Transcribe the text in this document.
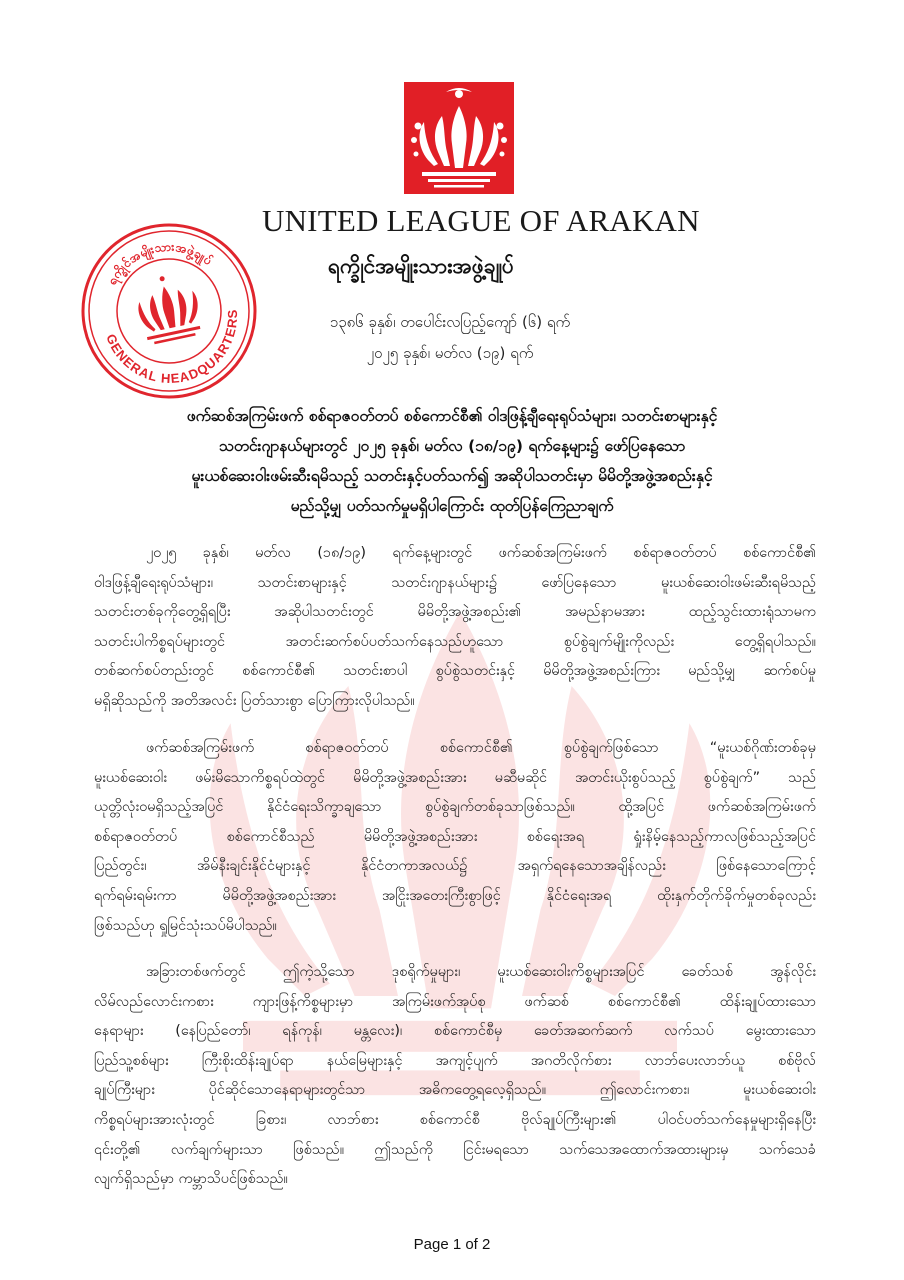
ရက္ခိုင်အမျိုးသားအဖွဲ့ချုပ်
GENERAL HEADQUARTERS
UNITED LEAGUE OF ARAKAN
ရက္ခိုင်အမျိုးသားအဖွဲ့ချုပ်
၁၃၈၆ ခုနှစ်၊ တပေါင်းလပြည့်ကျော် (၆) ရက်
၂၀၂၅ ခုနှစ်၊ မတ်လ (၁၉) ရက်
ဖက်ဆစ်အကြမ်းဖက် စစ်ရာဇဝတ်တပ် စစ်ကောင်စီ၏ ဝါဒဖြန့်ချီရေးရုပ်သံများ၊ သတင်းစာများနှင့်
သတင်းဂျာနယ်များတွင် ၂၀၂၅ ခုနှစ်၊ မတ်လ (၁၈/၁၉) ရက်နေ့များ၌ ဖော်ပြနေသော
မူးယစ်ဆေးဝါးဖမ်းဆီးရမိသည့် သတင်းနှင့်ပတ်သက်၍ အဆိုပါသတင်းမှာ မိမိတို့အဖွဲ့အစည်းနှင့်
မည်သို့မျှ ပတ်သက်မှုမရှိပါကြောင်း ထုတ်ပြန်ကြေညာချက်
၂၀၂၅ ခုနှစ်၊ မတ်လ (၁၈/၁၉) ရက်နေ့များတွင် ဖက်ဆစ်အကြမ်းဖက် စစ်ရာဇဝတ်တပ် စစ်ကောင်စီ၏
ဝါဒဖြန့်ချီရေးရုပ်သံများ၊ သတင်းစာများနှင့် သတင်းဂျာနယ်များ၌ ဖော်ပြနေသော မူးယစ်ဆေးဝါးဖမ်းဆီးရမိသည့်
သတင်းတစ်ခုကိုတွေ့ရှိရပြီး အဆိုပါသတင်းတွင် မိမိတို့အဖွဲ့အစည်း၏ အမည်နာမအား ထည့်သွင်းထားရုံသာမက
သတင်းပါကိစ္စရပ်များတွင် အတင်းဆက်စပ်ပတ်သက်နေသည်ဟူသော စွပ်စွဲချက်မျိုးကိုလည်း တွေ့ရှိရပါသည်။
တစ်ဆက်စပ်တည်းတွင် စစ်ကောင်စီ၏ သတင်းစာပါ စွပ်စွဲသတင်းနှင့် မိမိတို့အဖွဲ့အစည်းကြား မည်သို့မျှ ဆက်စပ်မှု
မရှိဆိုသည်ကို အတိအလင်း ပြတ်သားစွာ ပြောကြားလိုပါသည်။
ဖက်ဆစ်အကြမ်းဖက် စစ်ရာဇဝတ်တပ် စစ်ကောင်စီ၏ စွပ်စွဲချက်ဖြစ်သော “မူးယစ်ဂိုဏ်းတစ်ခုမှ
မူးယစ်ဆေးဝါး ဖမ်းမိသောကိစ္စရပ်ထဲတွင် မိမိတို့အဖွဲ့အစည်းအား မဆီမဆိုင် အတင်းယိုးစွပ်သည့် စွပ်စွဲချက်” သည်
ယုတ္တိလုံးဝမရှိသည့်အပြင် နိုင်ငံရေးသိက္ခာချသော စွပ်စွဲချက်တစ်ခုသာဖြစ်သည်။ ထို့အပြင် ဖက်ဆစ်အကြမ်းဖက်
စစ်ရာဇဝတ်တပ် စစ်ကောင်စီသည် မိမိတို့အဖွဲ့အစည်းအား စစ်ရေးအရ ရှုံးနိမ့်နေသည့်ကာလဖြစ်သည့်အပြင်
ပြည်တွင်း၊ အိမ်နီးချင်းနိုင်ငံများနှင့် နိုင်ငံတကာအလယ်၌ အရှက်ရနေသောအချိန်လည်း ဖြစ်နေသောကြောင့်
ရက်ရမ်းရမ်းကာ မိမိတို့အဖွဲ့အစည်းအား အငြိုးအတေးကြီးစွာဖြင့် နိုင်ငံရေးအရ ထိုးနှက်တိုက်ခိုက်မှုတစ်ခုလည်း
ဖြစ်သည်ဟု ရှုမြင်သုံးသပ်မိပါသည်။
အခြားတစ်ဖက်တွင် ဤကဲ့သို့သော ဒုစရိုက်မှုများ၊ မူးယစ်ဆေးဝါးကိစ္စများအပြင် ခေတ်သစ် အွန်လိုင်း
လိမ်လည်လောင်းကစား ကျားဖြန့်ကိစ္စများမှာ အကြမ်းဖက်အုပ်စု ဖက်ဆစ် စစ်ကောင်စီ၏ ထိန်းချုပ်ထားသော
နေရာများ (နေပြည်တော်၊ ရန်ကုန်၊ မန္တလေး)၊ စစ်ကောင်စီမှ ခေတ်အဆက်ဆက် လက်သပ် မွေးထားသော
ပြည်သူ့စစ်များ ကြီးစိုးထိန်းချုပ်ရာ နယ်မြေများနှင့် အကျင့်ပျက် အဂတိလိုက်စား လာဘ်ပေးလာဘ်ယူ စစ်ဗိုလ်
ချုပ်ကြီးများ ပိုင်ဆိုင်သောနေရာများတွင်သာ အဓိကတွေ့ရလေ့ရှိသည်။ ဤလောင်းကစား၊ မူးယစ်ဆေးဝါး
ကိစ္စရပ်များအားလုံးတွင် ခြစား၊ လာဘ်စား စစ်ကောင်စီ ဗိုလ်ချုပ်ကြီးများ၏ ပါဝင်ပတ်သက်နေမှုများရှိနေပြီး
၎င်းတို့၏ လက်ချက်များသာ ဖြစ်သည်။ ဤသည်ကို ငြင်းမရသော သက်သေအထောက်အထားများမှ သက်သေခံ
လျက်ရှိသည်မှာ ကမ္ဘာသိပင်ဖြစ်သည်။
Page 1 of 2
